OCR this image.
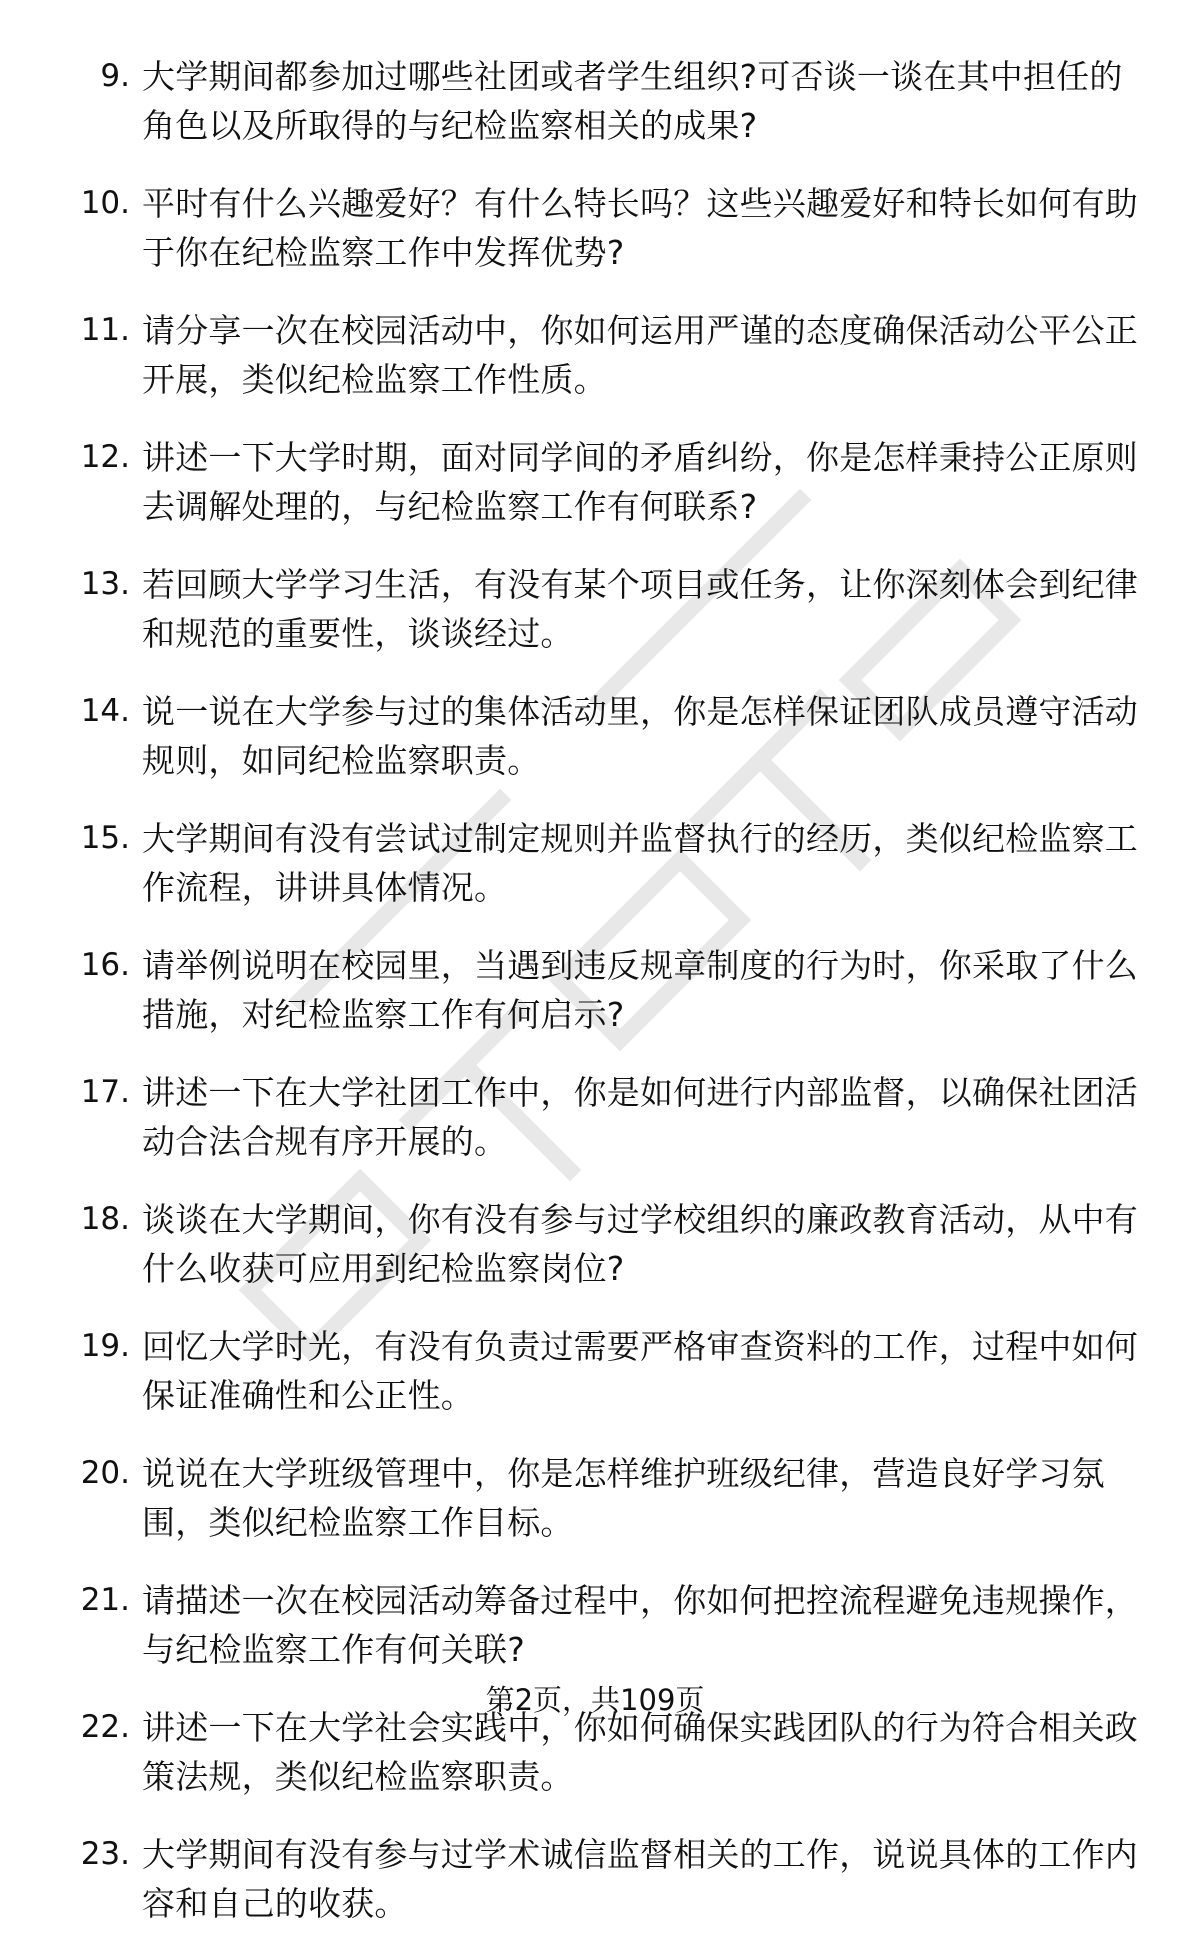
9. 大学期间都参加过哪些社团或者学生组织?可否谈一谈在其中担任的角色以及所取得的与纪检监察相关的成果?
10. 平时有什么兴趣爱好？有什么特长吗？这些兴趣爱好和特长如何有助于你在纪检监察工作中发挥优势?
11. 请分享一次在校园活动中，你如何运用严谨的态度确保活动公平公正开展，类似纪检监察工作性质。
12. 讲述一下大学时期，面对同学间的矛盾纠纷，你是怎样秉持公正原则去调解处理的，与纪检监察工作有何联系?
13. 若回顾大学学习生活，有没有某个项目或任务，让你深刻体会到纪律和规范的重要性，谈谈经过。
14. 说一说在大学参与过的集体活动里，你是怎样保证团队成员遵守活动规则，如同纪检监察职责。
15. 大学期间有没有尝试过制定规则并监督执行的经历，类似纪检监察工作流程，讲讲具体情况。
16. 请举例说明在校园里，当遇到违反规章制度的行为时，你采取了什么措施，对纪检监察工作有何启示?
17. 讲述一下在大学社团工作中，你是如何进行内部监督，以确保社团活动合法合规有序开展的。
18. 谈谈在大学期间，你有没有参与过学校组织的廉政教育活动，从中有什么收获可应用到纪检监察岗位?
19. 回忆大学时光，有没有负责过需要严格审查资料的工作，过程中如何保证准确性和公正性。
20. 说说在大学班级管理中，你是怎样维护班级纪律，营造良好学习氛围，类似纪检监察工作目标。
21. 请描述一次在校园活动筹备过程中，你如何把控流程避免违规操作，与纪检监察工作有何关联?
22. 讲述一下在大学社会实践中，你如何确保实践团队的行为符合相关政策法规，类似纪检监察职责。
23. 大学期间有没有参与过学术诚信监督相关的工作，说说具体的工作内容和自己的收获。
第2页，共109页
